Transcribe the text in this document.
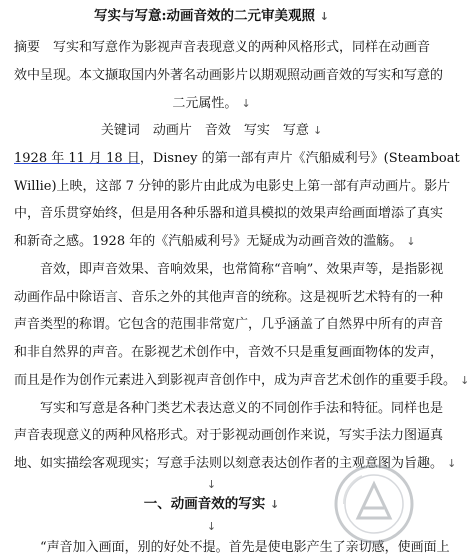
写实与写意:动画音效的二元审美观照 ↓
摘要　写实和写意作为影视声音表现意义的两种风格形式，同样在动画音
效中呈现。本文撷取国内外著名动画影片以期观照动画音效的写实和写意的
二元属性。 ↓
关键词　动画片　音效　写实　写意 ↓
1928 年 11 月 18 日，Disney 的第一部有声片《汽船威利号》(Steamboat
Willie)上映，这部 7 分钟的影片由此成为电影史上第一部有声动画片。影片
中，音乐贯穿始终，但是用各种乐器和道具模拟的效果声给画面增添了真实
和新奇之感。1928 年的《汽船威利号》无疑成为动画音效的滥觞。 ↓
音效，即声音效果、音响效果，也常简称“音响”、效果声等，是指影视
动画作品中除语言、音乐之外的其他声音的统称。这是视听艺术特有的一种
声音类型的称谓。它包含的范围非常宽广，几乎涵盖了自然界中所有的声音
和非自然界的声音。在影视艺术创作中，音效不只是重复画面物体的发声，
而且是作为创作元素进入到影视声音创作中，成为声音艺术创作的重要手段。 ↓
写实和写意是各种门类艺术表达意义的不同创作手法和特征。同样也是
声音表现意义的两种风格形式。对于影视动画创作来说，写实手法力图逼真
地、如实描绘客观现实；写意手法则以刻意表达创作者的主观意图为旨趣。 ↓
↓
一、动画音效的写实 ↓
↓
“声音加入画面，别的好处不提。首先是使电影产生了亲切感，使画面上
